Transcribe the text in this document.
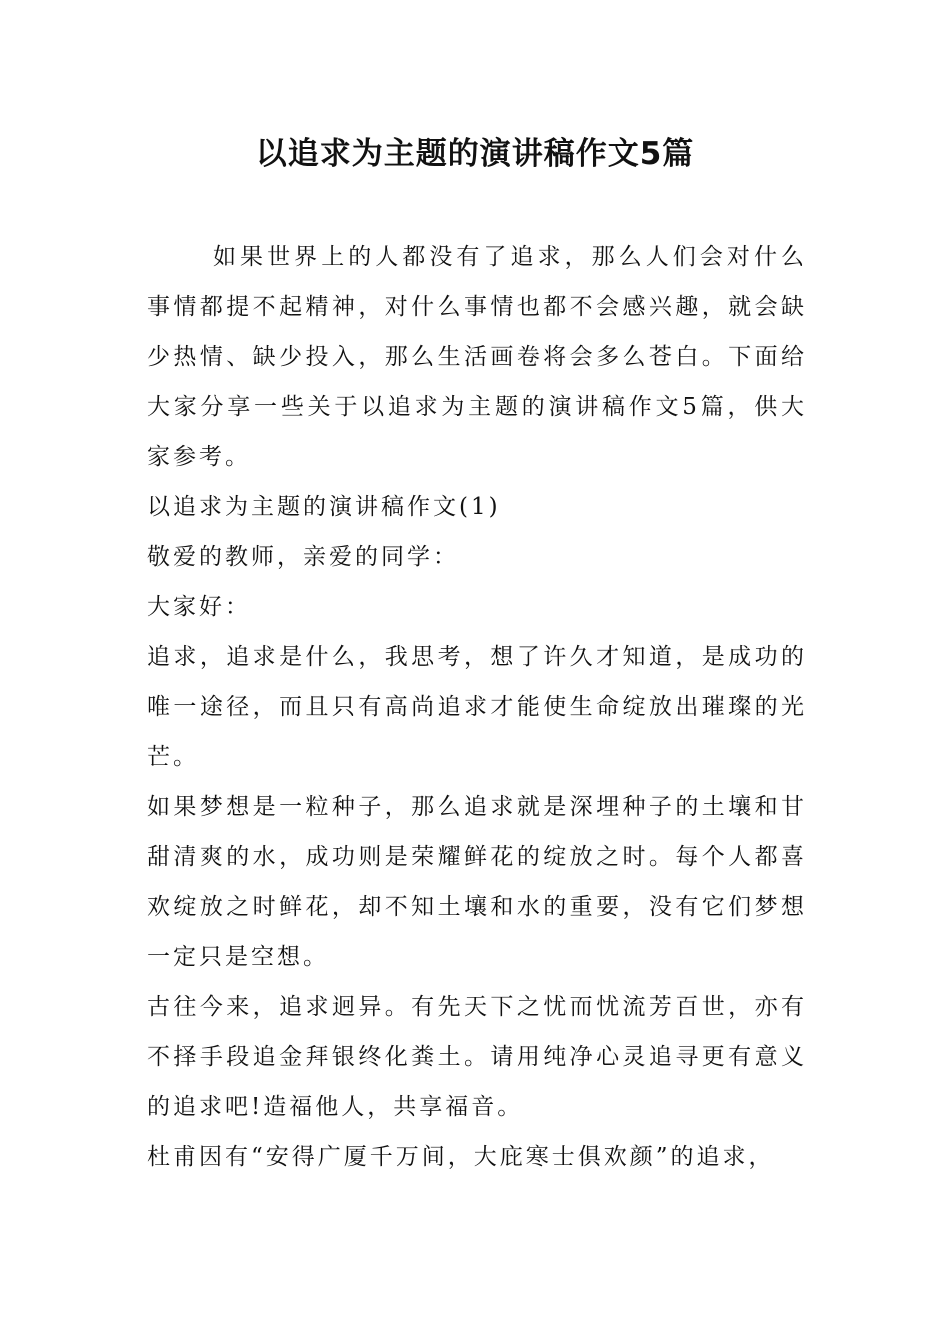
以追求为主题的演讲稿作文5篇

如果世界上的人都没有了追求，那么人们会对什么事情都提不起精神，对什么事情也都不会感兴趣，就会缺少热情、缺少投入，那么生活画卷将会多么苍白。下面给大家分享一些关于以追求为主题的演讲稿作文5篇，供大家参考。

以追求为主题的演讲稿作文(1)

敬爱的教师，亲爱的同学：

大家好：

追求，追求是什么，我思考，想了许久才知道，是成功的唯一途径，而且只有高尚追求才能使生命绽放出璀璨的光芒。

如果梦想是一粒种子，那么追求就是深埋种子的土壤和甘甜清爽的水，成功则是荣耀鲜花的绽放之时。每个人都喜欢绽放之时鲜花，却不知土壤和水的重要，没有它们梦想一定只是空想。

古往今来，追求迥异。有先天下之忧而忧流芳百世，亦有不择手段追金拜银终化粪土。请用纯净心灵追寻更有意义的追求吧!造福他人，共享福音。

杜甫因有“安得广厦千万间，大庇寒士俱欢颜”的追求，
